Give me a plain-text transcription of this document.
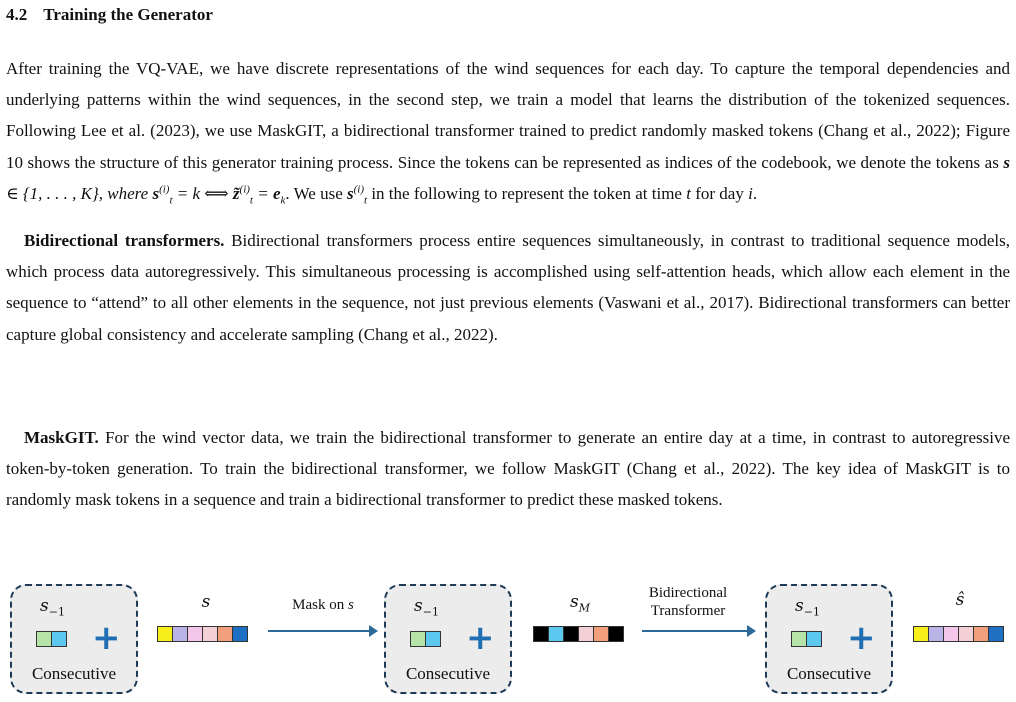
4.2 Training the Generator

After training the VQ-VAE, we have discrete representations of the wind sequences for each day. To capture the temporal dependencies and underlying patterns within the wind sequences, in the second step, we train a model that learns the distribution of the tokenized sequences. Following Lee et al. (2023), we use MaskGIT, a bidirectional transformer trained to predict randomly masked tokens (Chang et al., 2022); Figure 10 shows the structure of this generator training process. Since the tokens can be represented as indices of the codebook, we denote the tokens as s ∈ {1, . . . , K}, where $s^{(i)}_t = k$ ⟺ z̃$^{(i)}_t$ = $e_k$. We use $s^{(i)}_t$ in the following to represent the token at time t for day i.

Bidirectional transformers. Bidirectional transformers process entire sequences simultaneously, in contrast to traditional sequence models, which process data autoregressively. This simultaneous processing is accomplished using self-attention heads, which allow each element in the sequence to “attend” to all other elements in the sequence, not just previous elements (Vaswani et al., 2017). Bidirectional transformers can better capture global consistency and accelerate sampling (Chang et al., 2022).

MaskGIT. For the wind vector data, we train the bidirectional transformer to generate an entire day at a time, in contrast to autoregressive token-by-token generation. To train the bidirectional transformer, we follow MaskGIT (Chang et al., 2022). The key idea of MaskGIT is to randomly mask tokens in a sequence and train a bidirectional transformer to predict these masked tokens.

$s_{-1}$
+
Consecutive
s	Mask on s	$s_{-1}$
+
Consecutive
$s_M$
Bidirectional
Transformer	$s_{-1}$
+
Consecutive
ŝ
